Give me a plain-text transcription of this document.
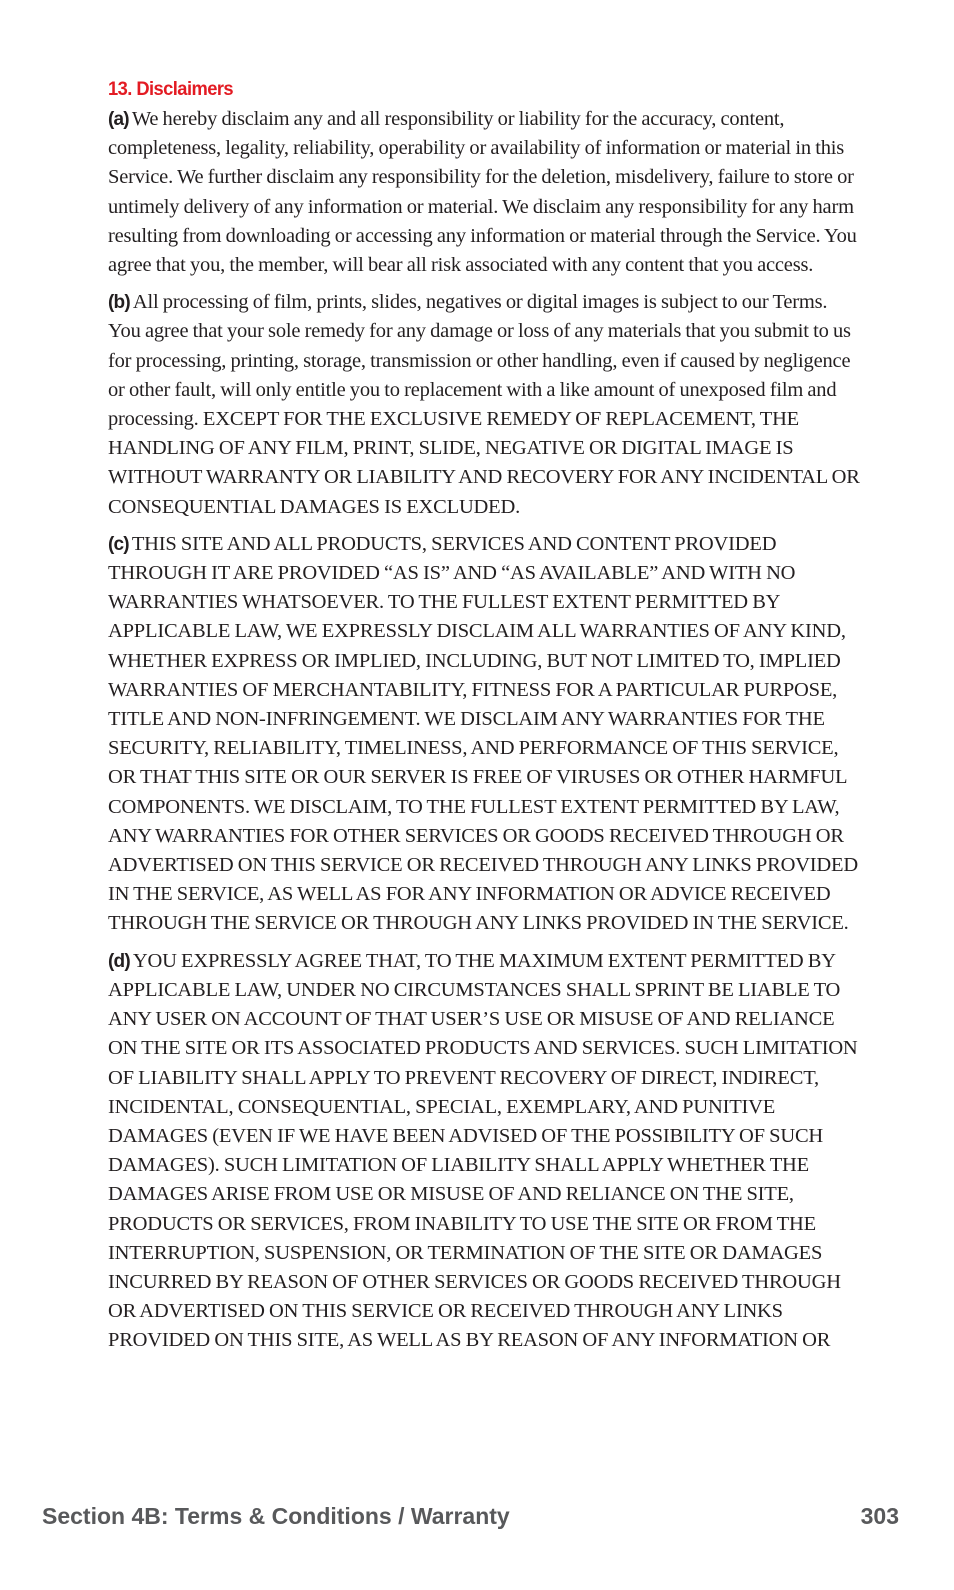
13. Disclaimers

(a) We hereby disclaim any and all responsibility or liability for the accuracy, content, completeness, legality, reliability, operability or availability of information or material in this Service. We further disclaim any responsibility for the deletion, misdelivery, failure to store or untimely delivery of any information or material. We disclaim any responsibility for any harm resulting from downloading or accessing any information or material through the Service. You agree that you, the member, will bear all risk associated with any content that you access.

(b) All processing of film, prints, slides, negatives or digital images is subject to our Terms. You agree that your sole remedy for any damage or loss of any materials that you submit to us for processing, printing, storage, transmission or other handling, even if caused by negligence or other fault, will only entitle you to replacement with a like amount of unexposed film and processing. EXCEPT FOR THE EXCLUSIVE REMEDY OF REPLACEMENT, THE HANDLING OF ANY FILM, PRINT, SLIDE, NEGATIVE OR DIGITAL IMAGE IS WITHOUT WARRANTY OR LIABILITY AND RECOVERY FOR ANY INCIDENTAL OR CONSEQUENTIAL DAMAGES IS EXCLUDED.

(c) THIS SITE AND ALL PRODUCTS, SERVICES AND CONTENT PROVIDED THROUGH IT ARE PROVIDED “AS IS” AND “AS AVAILABLE” AND WITH NO WARRANTIES WHATSOEVER. TO THE FULLEST EXTENT PERMITTED BY APPLICABLE LAW, WE EXPRESSLY DISCLAIM ALL WARRANTIES OF ANY KIND, WHETHER EXPRESS OR IMPLIED, INCLUDING, BUT NOT LIMITED TO, IMPLIED WARRANTIES OF MERCHANTABILITY, FITNESS FOR A PARTICULAR PURPOSE, TITLE AND NON-INFRINGEMENT. WE DISCLAIM ANY WARRANTIES FOR THE SECURITY, RELIABILITY, TIMELINESS, AND PERFORMANCE OF THIS SERVICE, OR THAT THIS SITE OR OUR SERVER IS FREE OF VIRUSES OR OTHER HARMFUL COMPONENTS. WE DISCLAIM, TO THE FULLEST EXTENT PERMITTED BY LAW, ANY WARRANTIES FOR OTHER SERVICES OR GOODS RECEIVED THROUGH OR ADVERTISED ON THIS SERVICE OR RECEIVED THROUGH ANY LINKS PROVIDED IN THE SERVICE, AS WELL AS FOR ANY INFORMATION OR ADVICE RECEIVED THROUGH THE SERVICE OR THROUGH ANY LINKS PROVIDED IN THE SERVICE.

(d) YOU EXPRESSLY AGREE THAT, TO THE MAXIMUM EXTENT PERMITTED BY APPLICABLE LAW, UNDER NO CIRCUMSTANCES SHALL SPRINT BE LIABLE TO ANY USER ON ACCOUNT OF THAT USER’S USE OR MISUSE OF AND RELIANCE ON THE SITE OR ITS ASSOCIATED PRODUCTS AND SERVICES. SUCH LIMITATION OF LIABILITY SHALL APPLY TO PREVENT RECOVERY OF DIRECT, INDIRECT, INCIDENTAL, CONSEQUENTIAL, SPECIAL, EXEMPLARY, AND PUNITIVE DAMAGES (EVEN IF WE HAVE BEEN ADVISED OF THE POSSIBILITY OF SUCH DAMAGES). SUCH LIMITATION OF LIABILITY SHALL APPLY WHETHER THE DAMAGES ARISE FROM USE OR MISUSE OF AND RELIANCE ON THE SITE, PRODUCTS OR SERVICES, FROM INABILITY TO USE THE SITE OR FROM THE INTERRUPTION, SUSPENSION, OR TERMINATION OF THE SITE OR DAMAGES INCURRED BY REASON OF OTHER SERVICES OR GOODS RECEIVED THROUGH OR ADVERTISED ON THIS SERVICE OR RECEIVED THROUGH ANY LINKS PROVIDED ON THIS SITE, AS WELL AS BY REASON OF ANY INFORMATION OR

Section 4B: Terms & Conditions / Warranty	303
